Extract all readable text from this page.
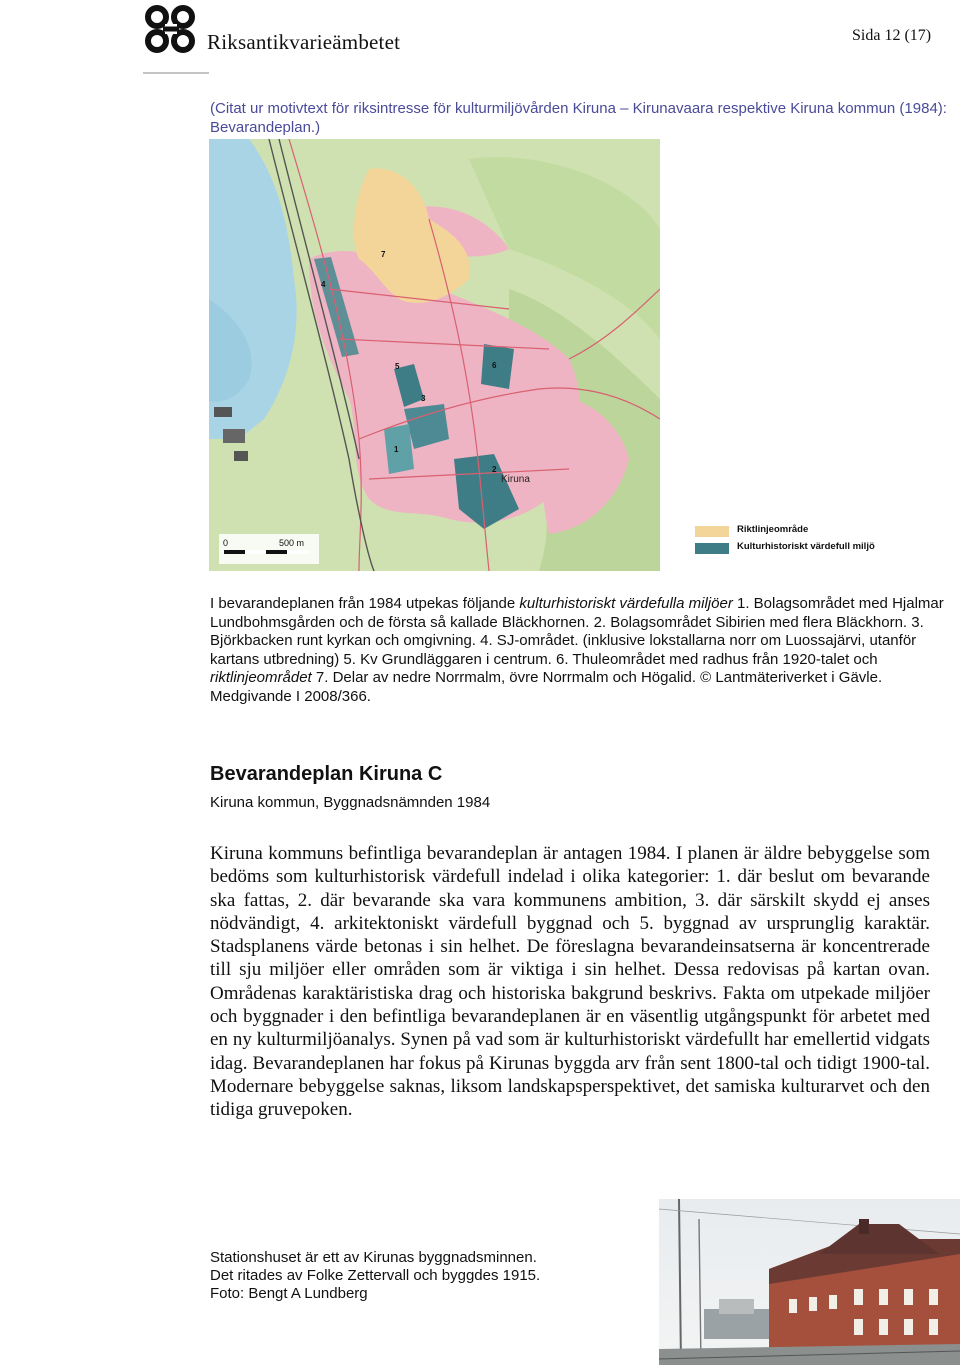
Riksantikvarieämbetet	Sida 12 (17)
(Citat ur motivtext för riksintresse för kulturmiljövården Kiruna – Kirunavaara respektive Kiruna kommun (1984): Bevarandeplan.)
1
2
3
4
5	6
7
Kiruna
0	500 m
Riktlinjeområde
Kulturhistoriskt värdefull miljö
I bevarandeplanen från 1984 utpekas följande kulturhistoriskt värdefulla miljöer 1. Bolagsområdet med Hjalmar Lundbohmsgården och de första så kallade Bläckhornen. 2. Bolagsområdet Sibirien med flera Bläckhorn. 3. Björkbacken runt kyrkan och omgivning. 4. SJ-området. (inklusive lokstallarna norr om Luossajärvi, utanför kartans utbredning) 5. Kv Grundläggaren i centrum. 6. Thuleområdet med radhus från 1920-talet och riktlinjeområdet 7. Delar av nedre Norrmalm, övre Norrmalm och Högalid. © Lantmäteriverket i Gävle. Medgivande I 2008/366.
Bevarandeplan Kiruna C
Kiruna kommun, Byggnadsnämnden 1984
Kiruna kommuns befintliga bevarandeplan är antagen 1984. I planen är äldre bebyggelse som bedöms som kulturhistorisk värdefull indelad i olika kategorier: 1. där beslut om bevarande ska fattas, 2. där bevarande ska vara kommunens ambition, 3. där särskilt skydd ej anses nödvändigt, 4. arkitektoniskt värdefull byggnad och 5. byggnad av ursprunglig karaktär. Stadsplanens värde betonas i sin helhet. De föreslagna bevarandeinsatserna är koncentrerade till sju miljöer eller områden som är viktiga i sin helhet. Dessa redovisas på kartan ovan. Områdenas karaktäristiska drag och historiska bakgrund beskrivs. Fakta om utpekade miljöer och byggnader i den befintliga bevarandeplanen är en väsentlig utgångspunkt för arbetet med en ny kulturmiljöanalys. Synen på vad som är kulturhistoriskt värdefullt har emellertid vidgats idag. Bevarandeplanen har fokus på Kirunas byggda arv från sent 1800-tal och tidigt 1900-tal. Modernare bebyggelse saknas, liksom landskapsperspektivet, det samiska kulturarvet och den tidiga gruvepoken.
Stationshuset är ett av Kirunas byggnadsminnen.
Det ritades av Folke Zettervall och byggdes 1915.
Foto: Bengt A Lundberg
